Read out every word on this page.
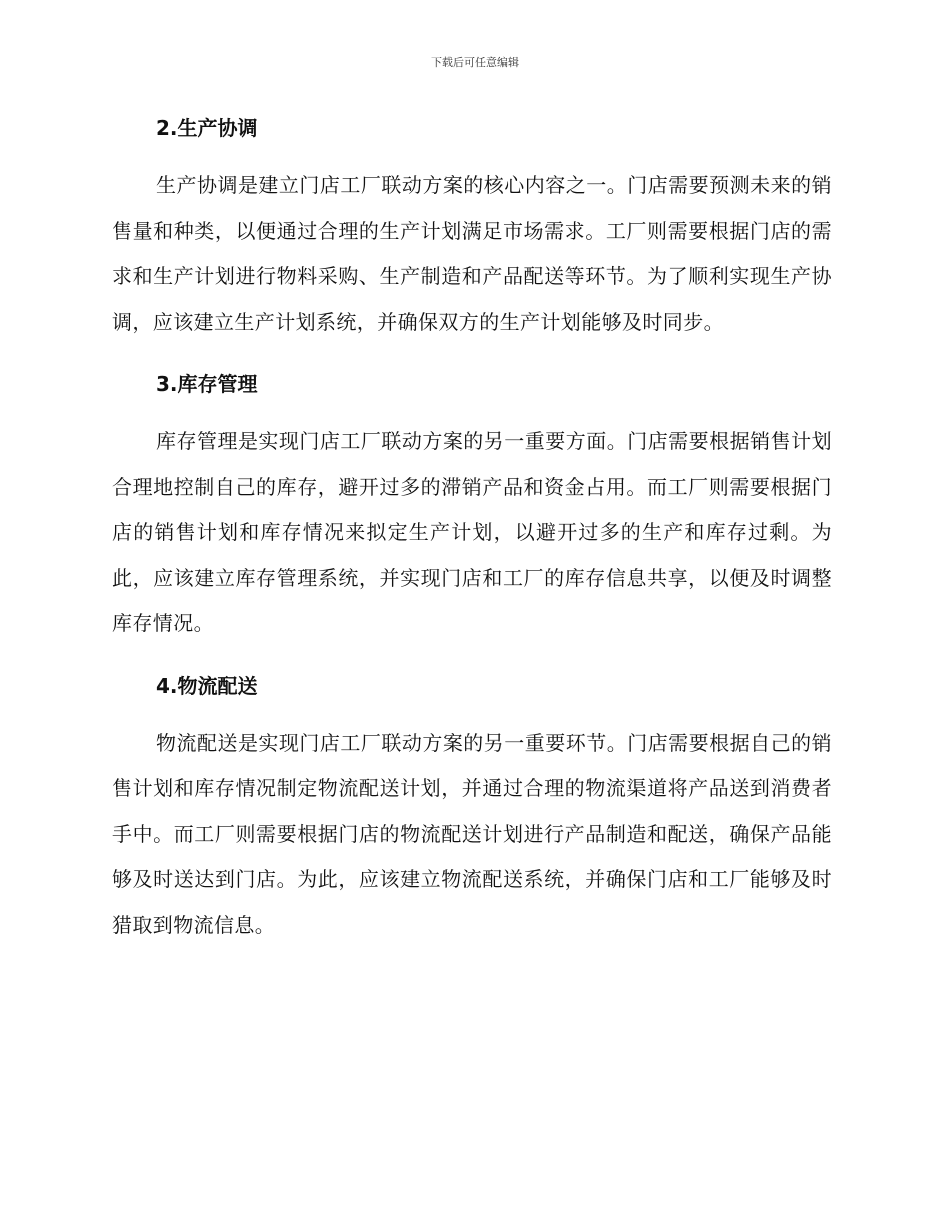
下载后可任意编辑
2.生产协调

生产协调是建立门店工厂联动方案的核心内容之一。门店需要预测未来的销售量和种类，以便通过合理的生产计划满足市场需求。工厂则需要根据门店的需求和生产计划进行物料采购、生产制造和产品配送等环节。为了顺利实现生产协调，应该建立生产计划系统，并确保双方的生产计划能够及时同步。

3.库存管理

库存管理是实现门店工厂联动方案的另一重要方面。门店需要根据销售计划合理地控制自己的库存，避开过多的滞销产品和资金占用。而工厂则需要根据门店的销售计划和库存情况来拟定生产计划，以避开过多的生产和库存过剩。为此，应该建立库存管理系统，并实现门店和工厂的库存信息共享，以便及时调整库存情况。

4.物流配送

物流配送是实现门店工厂联动方案的另一重要环节。门店需要根据自己的销售计划和库存情况制定物流配送计划，并通过合理的物流渠道将产品送到消费者手中。而工厂则需要根据门店的物流配送计划进行产品制造和配送，确保产品能够及时送达到门店。为此，应该建立物流配送系统，并确保门店和工厂能够及时猎取到物流信息。
